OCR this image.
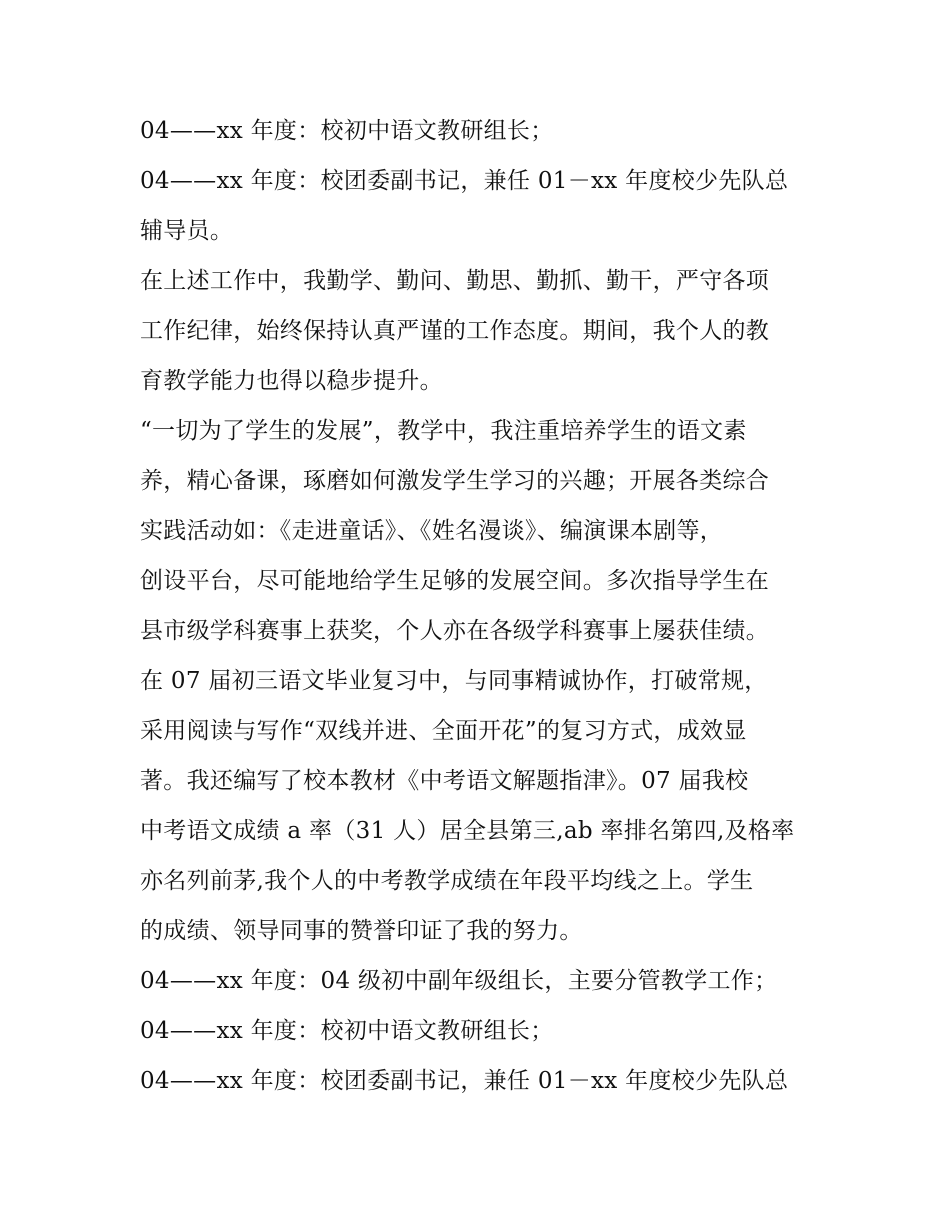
04——xx 年度：校初中语文教研组长；
04——xx 年度：校团委副书记，兼任 01－xx 年度校少先队总
辅导员。
在上述工作中，我勤学、勤问、勤思、勤抓、勤干，严守各项
工作纪律，始终保持认真严谨的工作态度。期间，我个人的教
育教学能力也得以稳步提升。
“一切为了学生的发展”，教学中，我注重培养学生的语文素
养，精心备课，琢磨如何激发学生学习的兴趣；开展各类综合
实践活动如：《走进童话》、《姓名漫谈》、编演课本剧等，
创设平台，尽可能地给学生足够的发展空间。多次指导学生在
县市级学科赛事上获奖，个人亦在各级学科赛事上屡获佳绩。
在 07 届初三语文毕业复习中，与同事精诚协作，打破常规，
采用阅读与写作“双线并进、全面开花”的复习方式，成效显
著。我还编写了校本教材《中考语文解题指津》。07 届我校
中考语文成绩 a 率（31 人）居全县第三,ab 率排名第四,及格率
亦名列前茅,我个人的中考教学成绩在年段平均线之上。学生
的成绩、领导同事的赞誉印证了我的努力。
04——xx 年度：04 级初中副年级组长，主要分管教学工作；
04——xx 年度：校初中语文教研组长；
04——xx 年度：校团委副书记，兼任 01－xx 年度校少先队总
